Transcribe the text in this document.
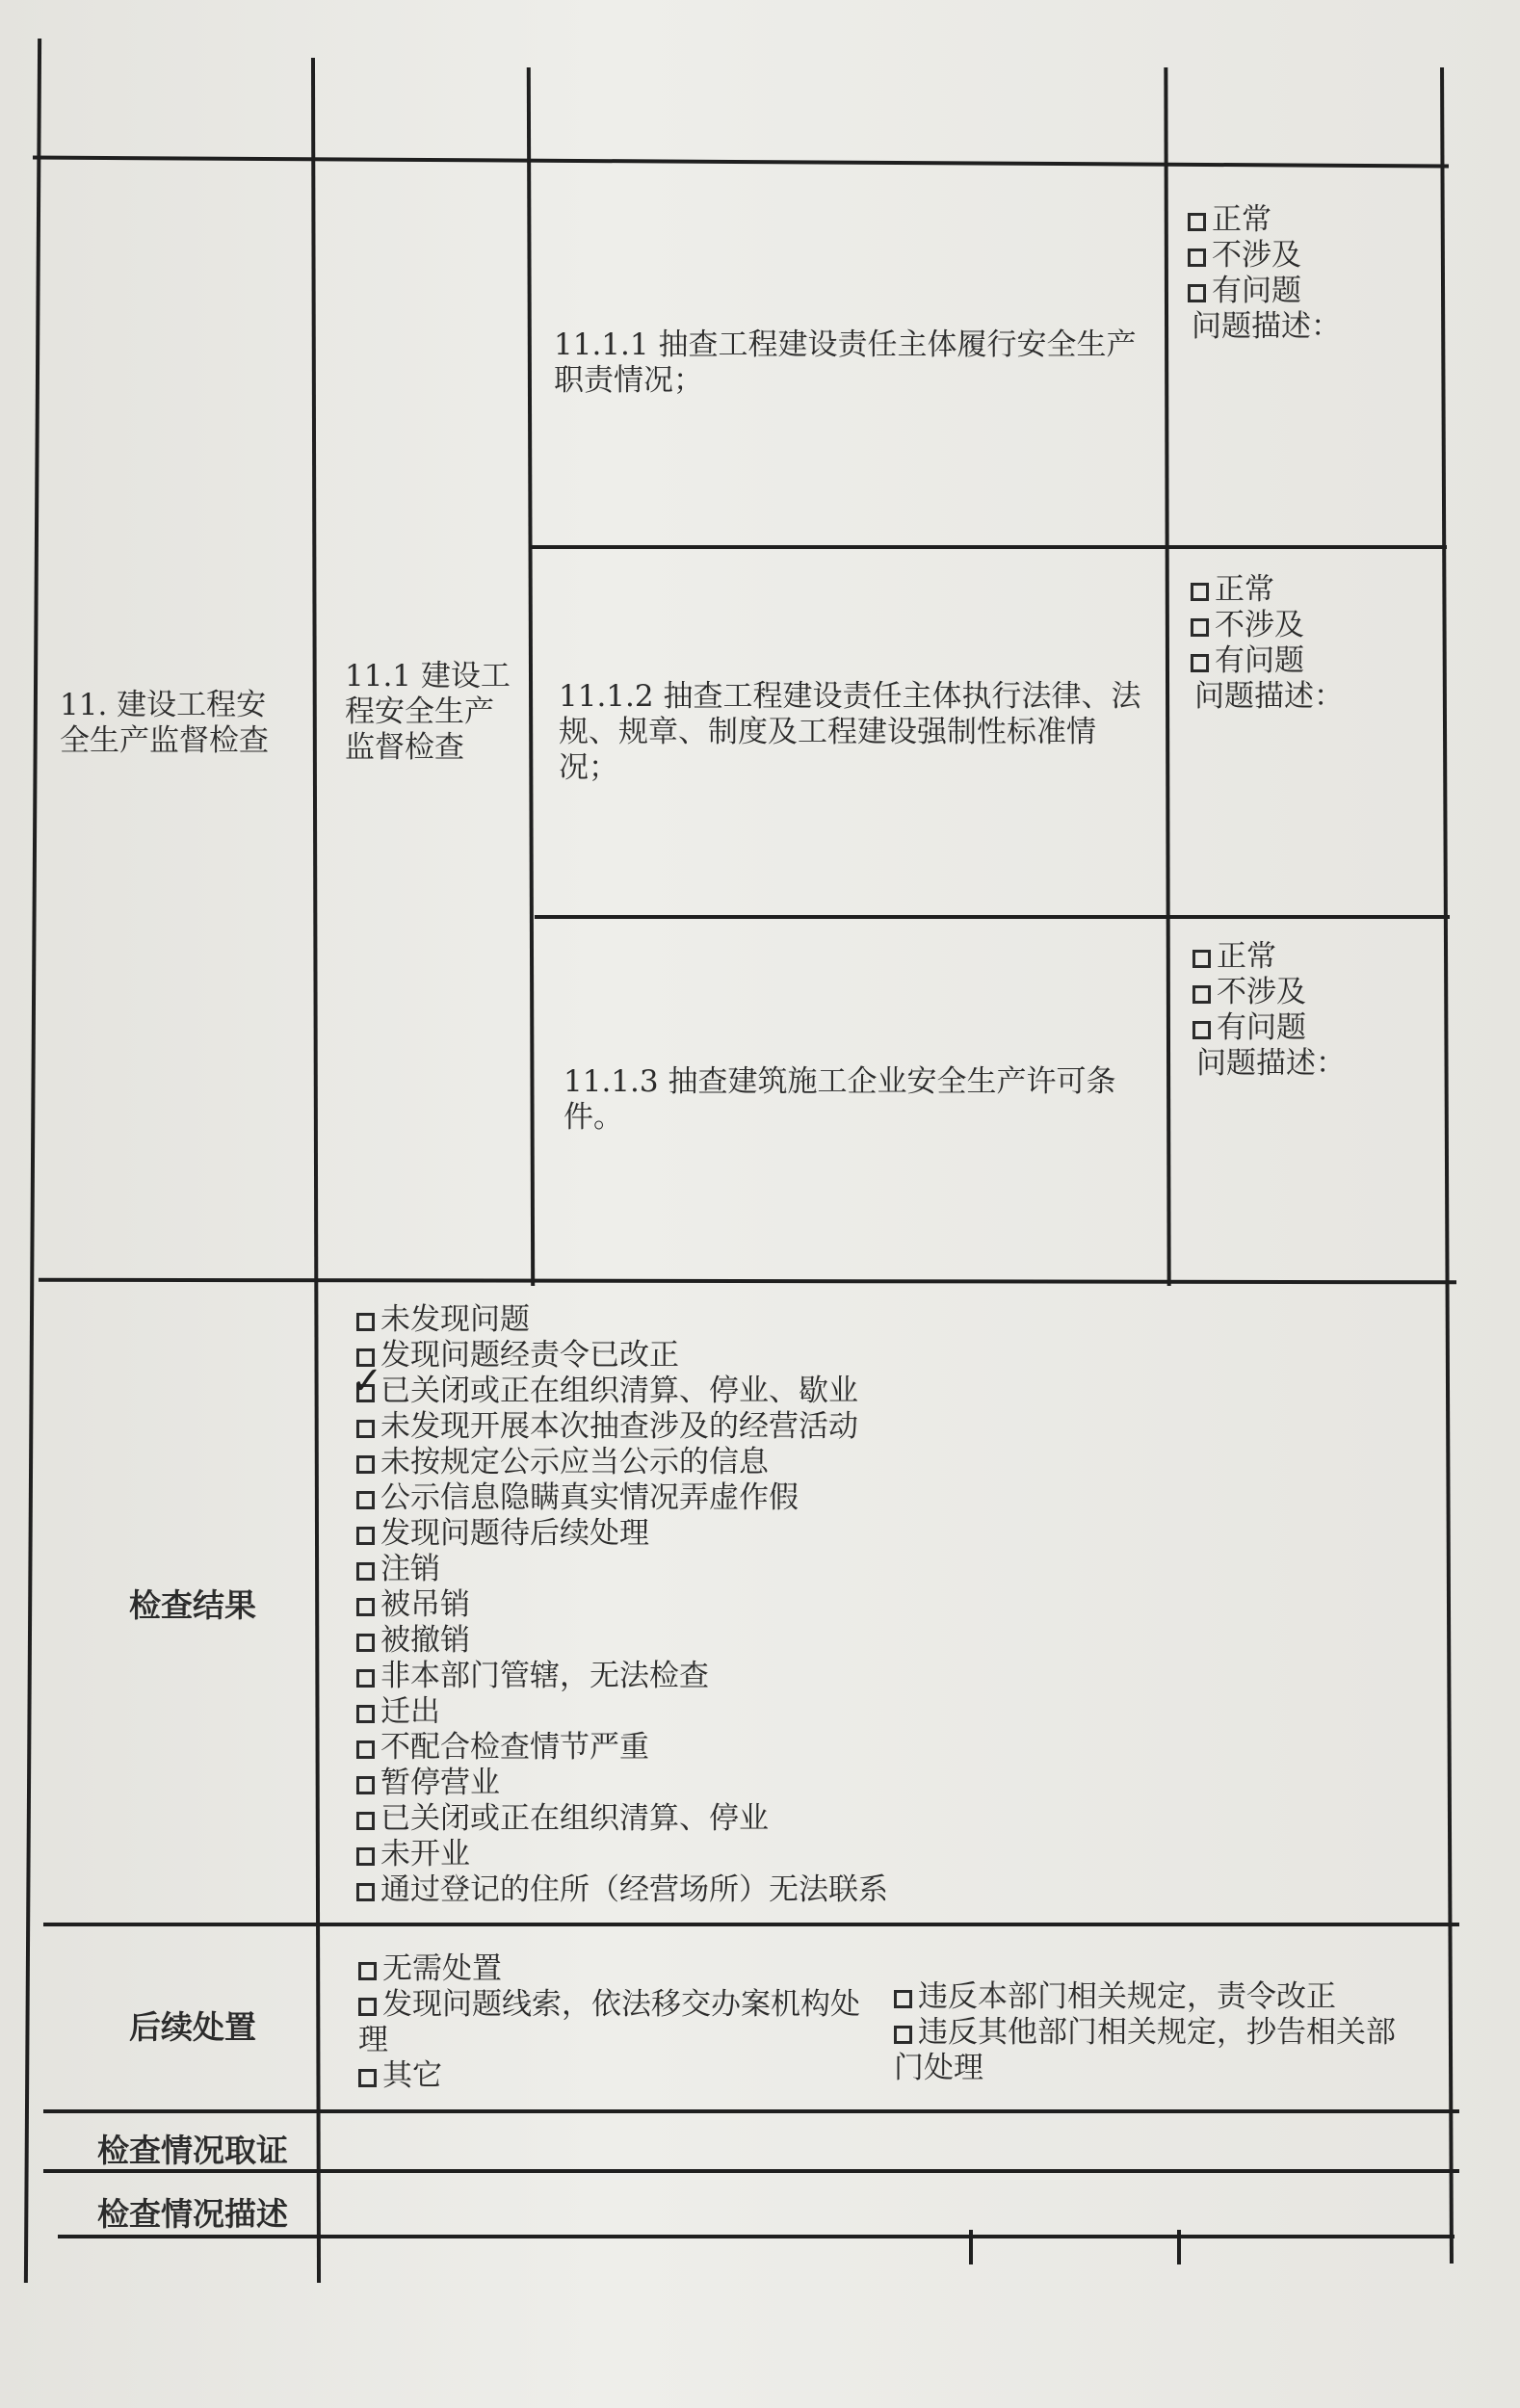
11. 建设工程安全生产监督检查
11.1 建设工程安全生产监督检查
11.1.1 抽查工程建设责任主体履行安全生产职责情况；
11.1.2 抽查工程建设责任主体执行法律、法规、规章、制度及工程建设强制性标准情况；
11.1.3 抽查建筑施工企业安全生产许可条件。
正常
不涉及
有问题
问题描述：
正常
不涉及
有问题
问题描述：
正常
不涉及
有问题
问题描述：
检查结果
未发现问题
发现问题经责令已改正
✓
已关闭或正在组织清算、停业、歇业
未发现开展本次抽查涉及的经营活动
未按规定公示应当公示的信息
公示信息隐瞒真实情况弄虚作假
发现问题待后续处理
注销
被吊销
被撤销
非本部门管辖，无法检查
迁出
不配合检查情节严重
暂停营业
已关闭或正在组织清算、停业
未开业
通过登记的住所（经营场所）无法联系
后续处置
无需处置
发现问题线索，依法移交办案机构处理
其它
违反本部门相关规定，责令改正
违反其他部门相关规定，抄告相关部门处理
检查情况取证
检查情况描述
